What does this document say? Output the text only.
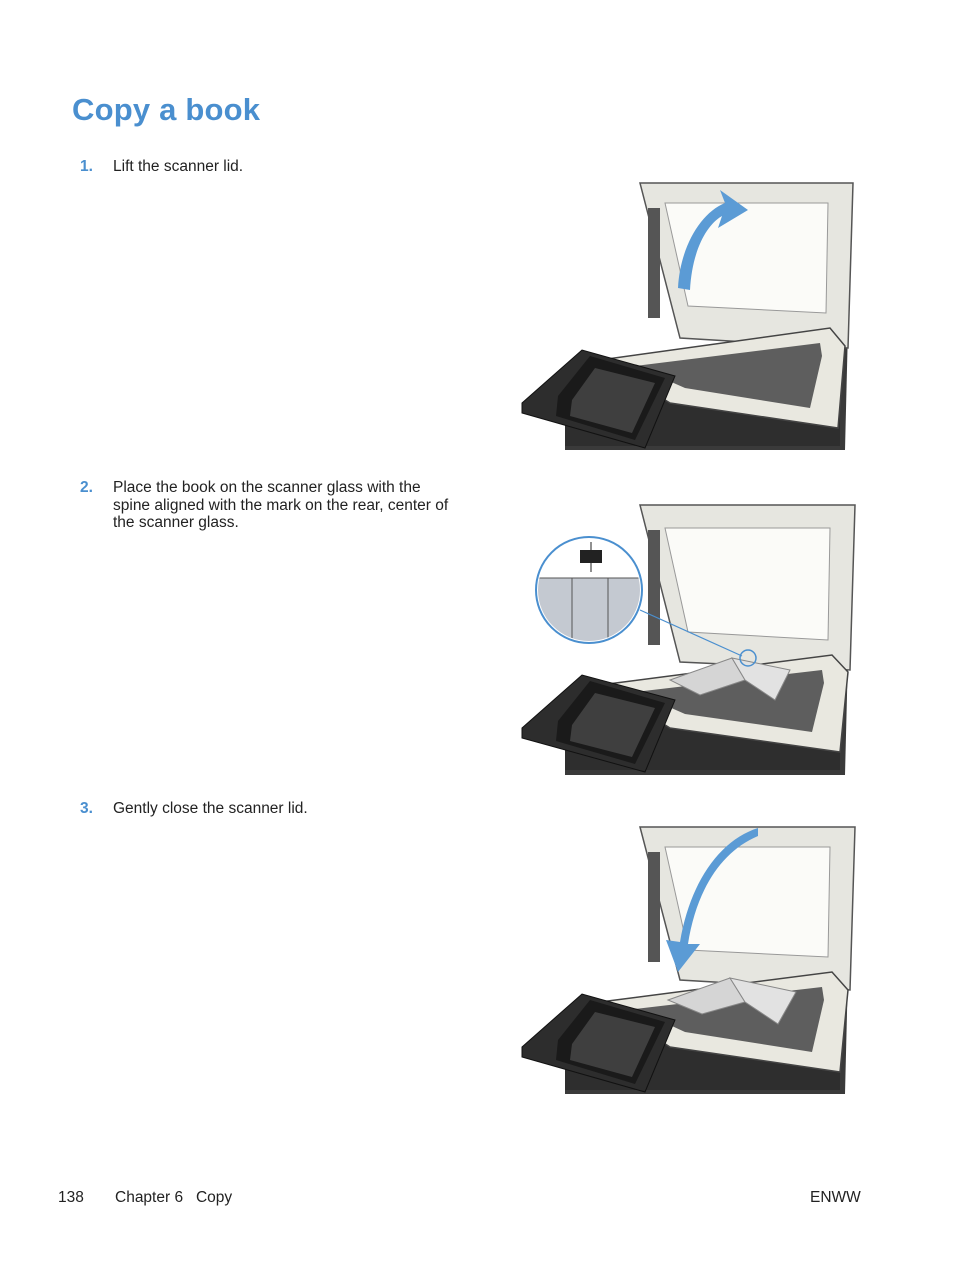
Copy a book
1. Lift the scanner lid.
2. Place the book on the scanner glass with the spine aligned with the mark on the rear, center of the scanner glass.
3. Gently close the scanner lid.
138 Chapter 6   Copy	ENWW
